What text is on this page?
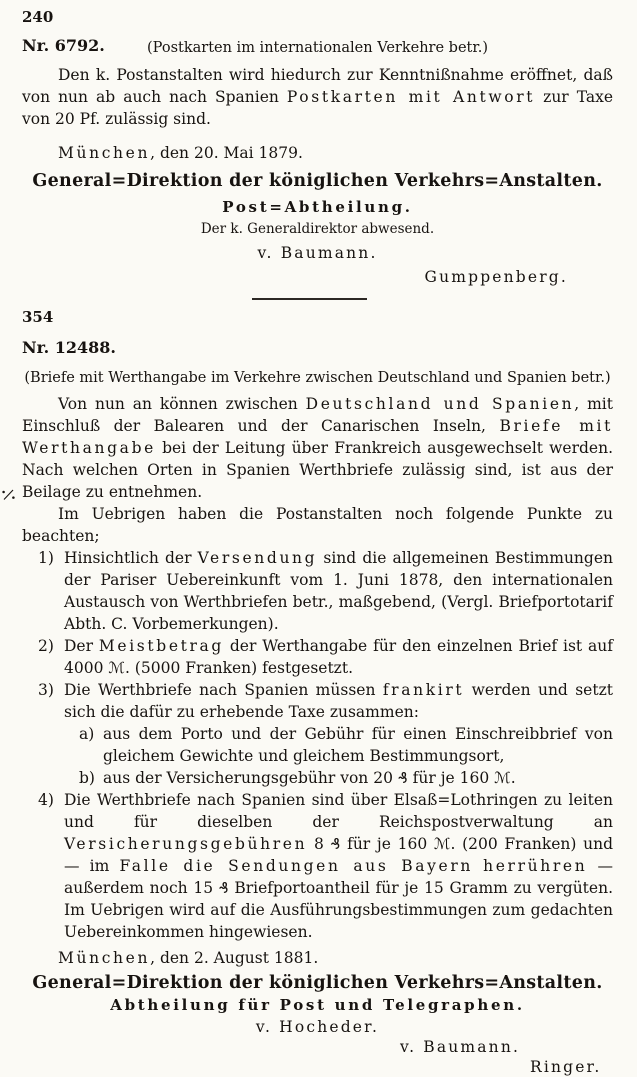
240
Nr. 6792.	(Postkarten im internationalen Verkehre betr.)
Den k. Postanstalten wird hiedurch zur Kenntnißnahme eröffnet, daß von nun ab auch nach Spanien Postkarten mit Antwort zur Taxe von 20 Pf. zulässig sind.
München, den 20. Mai 1879.
General=Direktion der königlichen Verkehrs=Anstalten.
Post=Abtheilung.
Der k. Generaldirektor abwesend.
v. Baumann.
Gumppenberg.
354
Nr. 12488.
(Briefe mit Werthangabe im Verkehre zwischen Deutschland und Spanien betr.)
Von nun an können zwischen Deutschland und Spanien, mit Einschluß der Balearen und der Canarischen Inseln, Briefe mit Werthangabe bei der Leitung über Frankreich ausgewechselt werden. Nach welchen Orten in Spanien Werthbriefe zulässig sind, ist aus der Beilage zu entnehmen.
Im Uebrigen haben die Postanstalten noch folgende Punkte zu beachten;
1) Hinsichtlich der Versendung sind die allgemeinen Bestimmungen der Pariser Uebereinkunft vom 1. Juni 1878, den internationalen Austausch von Werthbriefen betr., maßgebend, (Vergl. Briefportotarif Abth. C. Vorbemerkungen).
2) Der Meistbetrag der Werthangabe für den einzelnen Brief ist auf 4000 ℳ. (5000 Franken) festgesetzt.
3) Die Werthbriefe nach Spanien müssen frankirt werden und setzt sich die dafür zu erhebende Taxe zusammen:
a) aus dem Porto und der Gebühr für einen Einschreibbrief von gleichem Gewichte und gleichem Bestimmungsort,
b) aus der Versicherungsgebühr von 20 ₰ für je 160 ℳ.
4) Die Werthbriefe nach Spanien sind über Elsaß=Lothringen zu leiten und für dieselben der Reichspostverwaltung an Versicherungsgebühren 8 ₰ für je 160 ℳ. (200 Franken) und — im Falle die Sendungen aus Bayern herrühren — außerdem noch 15 ₰ Briefportoantheil für je 15 Gramm zu vergüten. Im Uebrigen wird auf die Ausführungsbestimmungen zum gedachten Uebereinkommen hingewiesen.
München, den 2. August 1881.
General=Direktion der königlichen Verkehrs=Anstalten.
Abtheilung für Post und Telegraphen.
v. Hocheder.
v. Baumann.
Ringer.
